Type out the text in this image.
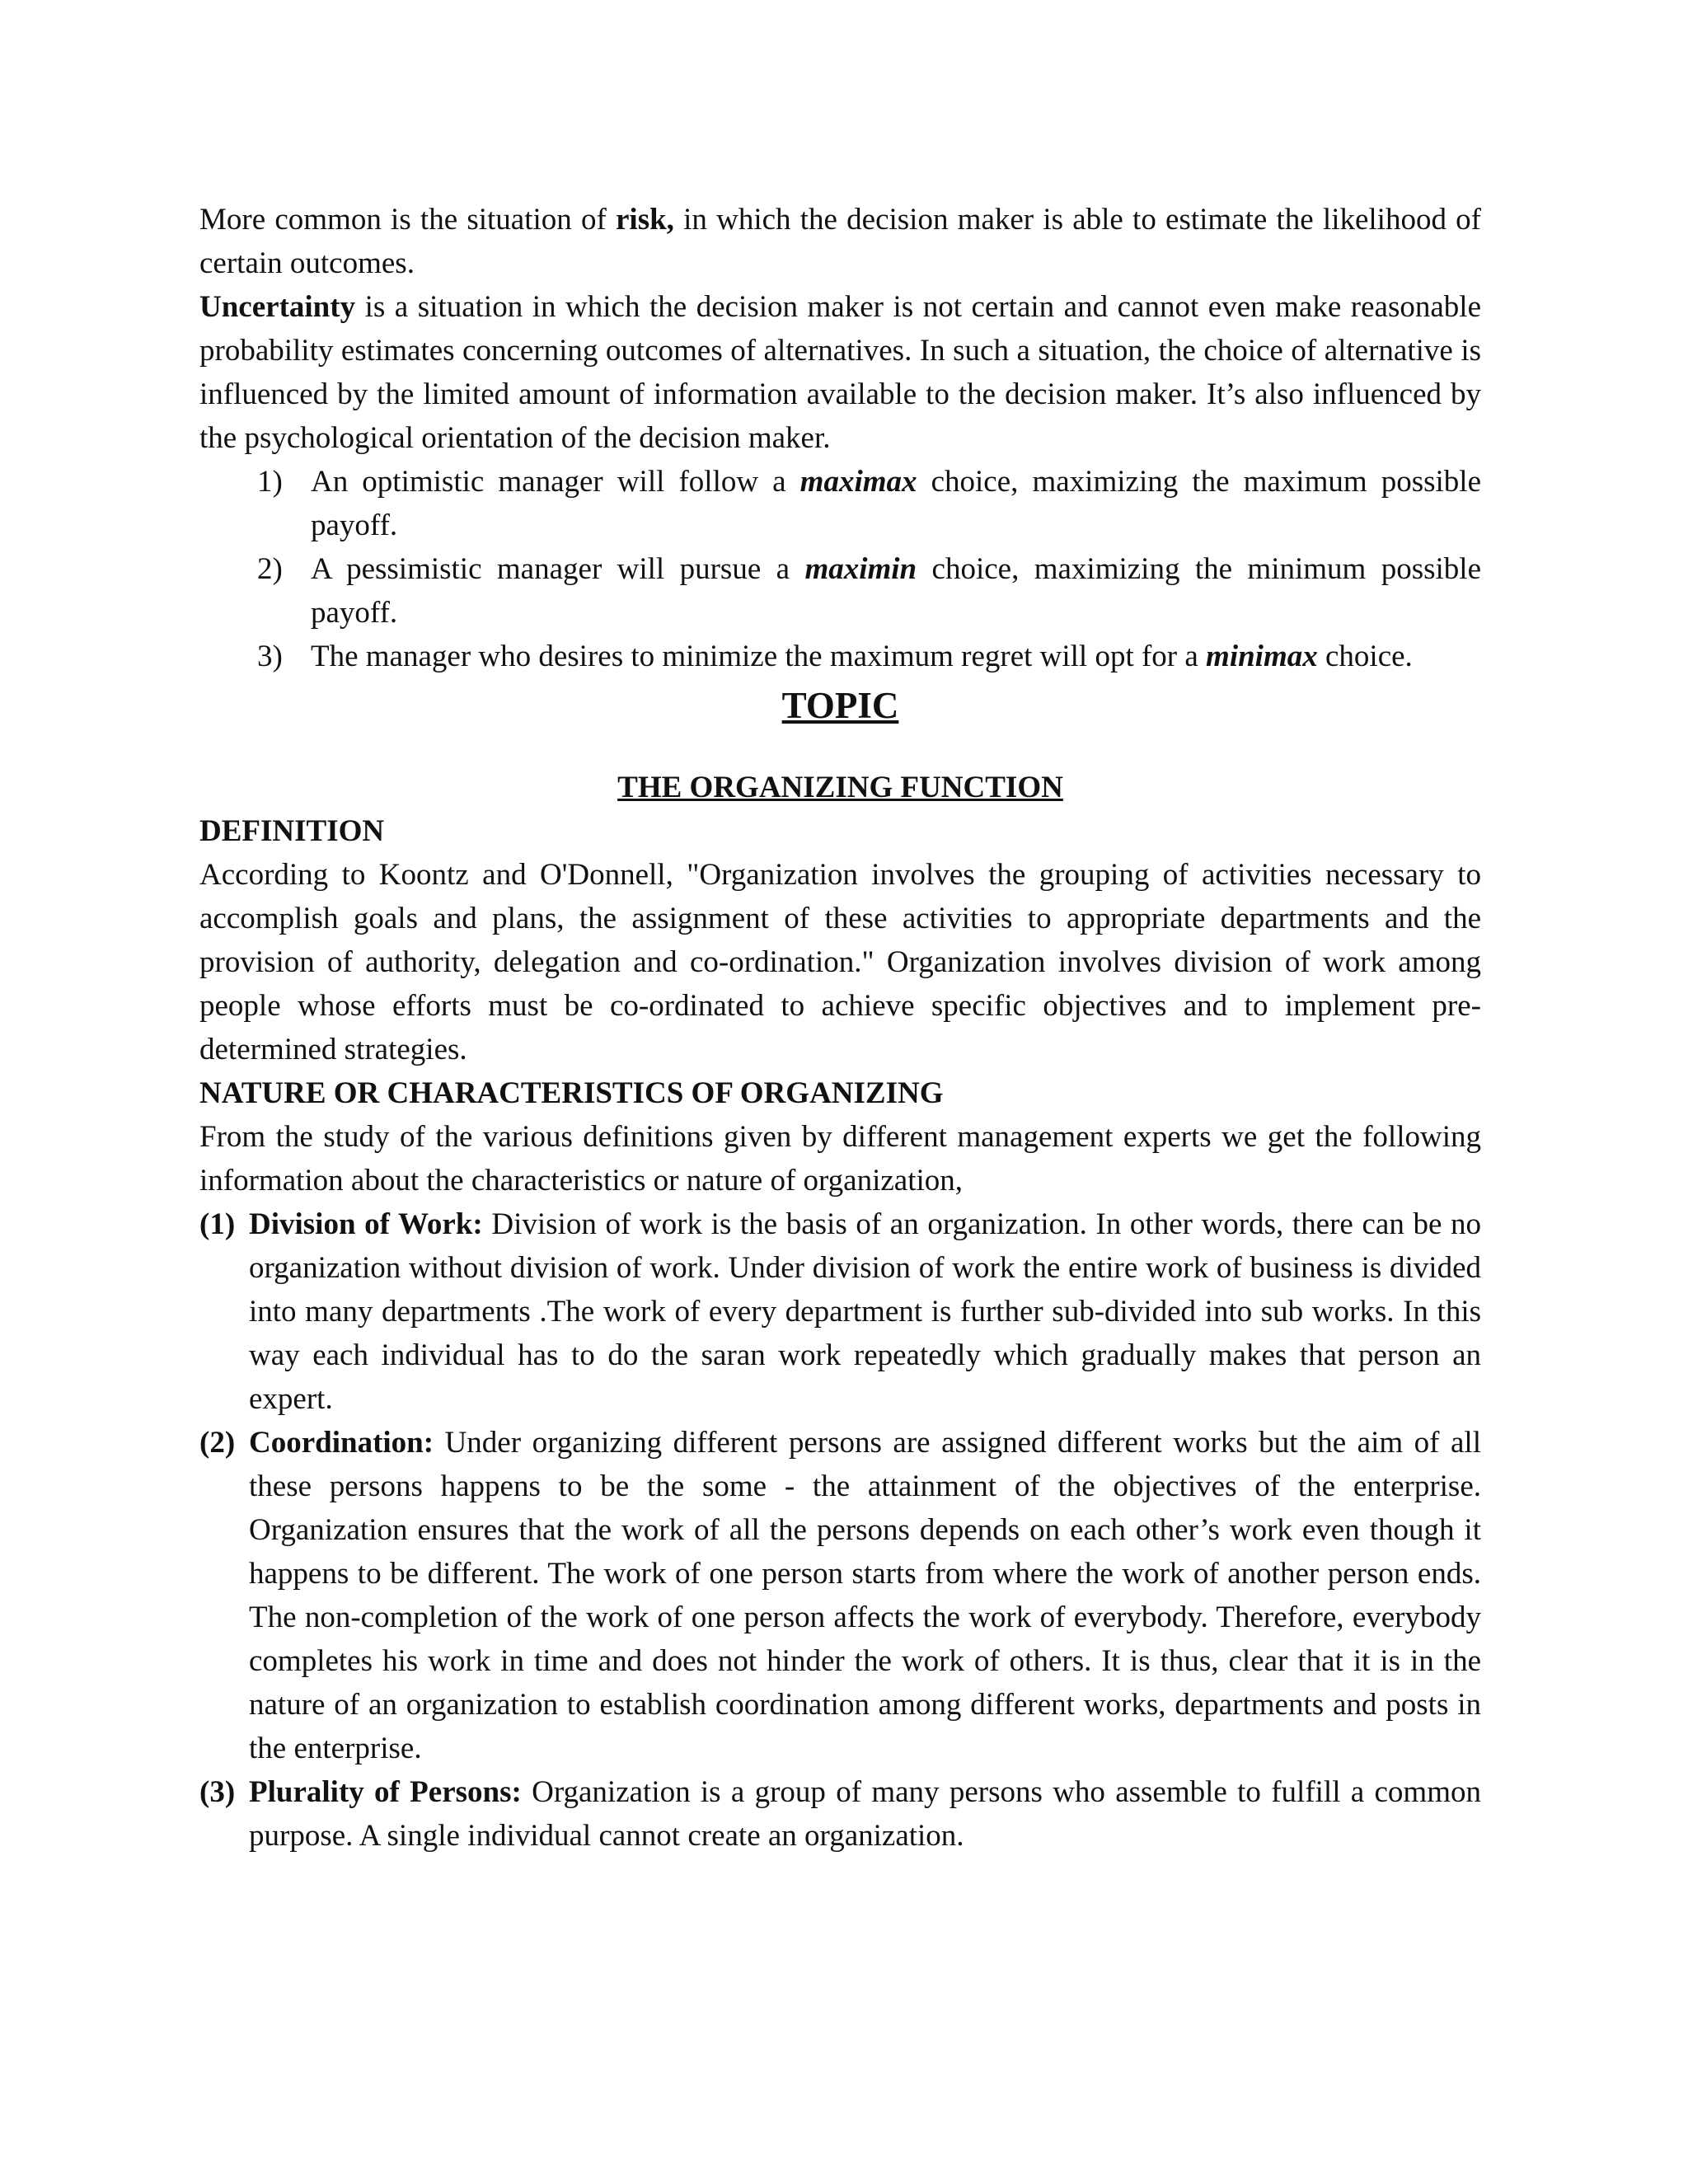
More common is the situation of risk, in which the decision maker is able to estimate the likelihood of certain outcomes.

Uncertainty is a situation in which the decision maker is not certain and cannot even make reasonable probability estimates concerning outcomes of alternatives. In such a situation, the choice of alternative is influenced by the limited amount of information available to the decision maker. It’s also influenced by the psychological orientation of the decision maker.

1) An optimistic manager will follow a maximax choice, maximizing the maximum possible payoff.
2) A pessimistic manager will pursue a maximin choice, maximizing the minimum possible payoff.
3) The manager who desires to minimize the maximum regret will opt for a minimax choice.

TOPIC

THE ORGANIZING FUNCTION

DEFINITION

According to Koontz and O'Donnell, "Organization involves the grouping of activities necessary to accomplish goals and plans, the assignment of these activities to appropriate departments and the provision of authority, delegation and co-ordination." Organization involves division of work among people whose efforts must be co-ordinated to achieve specific objectives and to implement pre-determined strategies.

NATURE OR CHARACTERISTICS OF ORGANIZING

From the study of the various definitions given by different management experts we get the following information about the characteristics or nature of organization,

(1) Division of Work: Division of work is the basis of an organization. In other words, there can be no organization without division of work. Under division of work the entire work of business is divided into many departments .The work of every department is further sub-divided into sub works. In this way each individual has to do the saran work repeatedly which gradually makes that person an expert.
(2) Coordination: Under organizing different persons are assigned different works but the aim of all these persons happens to be the some - the attainment of the objectives of the enterprise. Organization ensures that the work of all the persons depends on each other’s work even though it happens to be different. The work of one person starts from where the work of another person ends. The non-completion of the work of one person affects the work of everybody. Therefore, everybody completes his work in time and does not hinder the work of others. It is thus, clear that it is in the nature of an organization to establish coordination among different works, departments and posts in the enterprise.
(3) Plurality of Persons: Organization is a group of many persons who assemble to fulfill a common purpose. A single individual cannot create an organization.
